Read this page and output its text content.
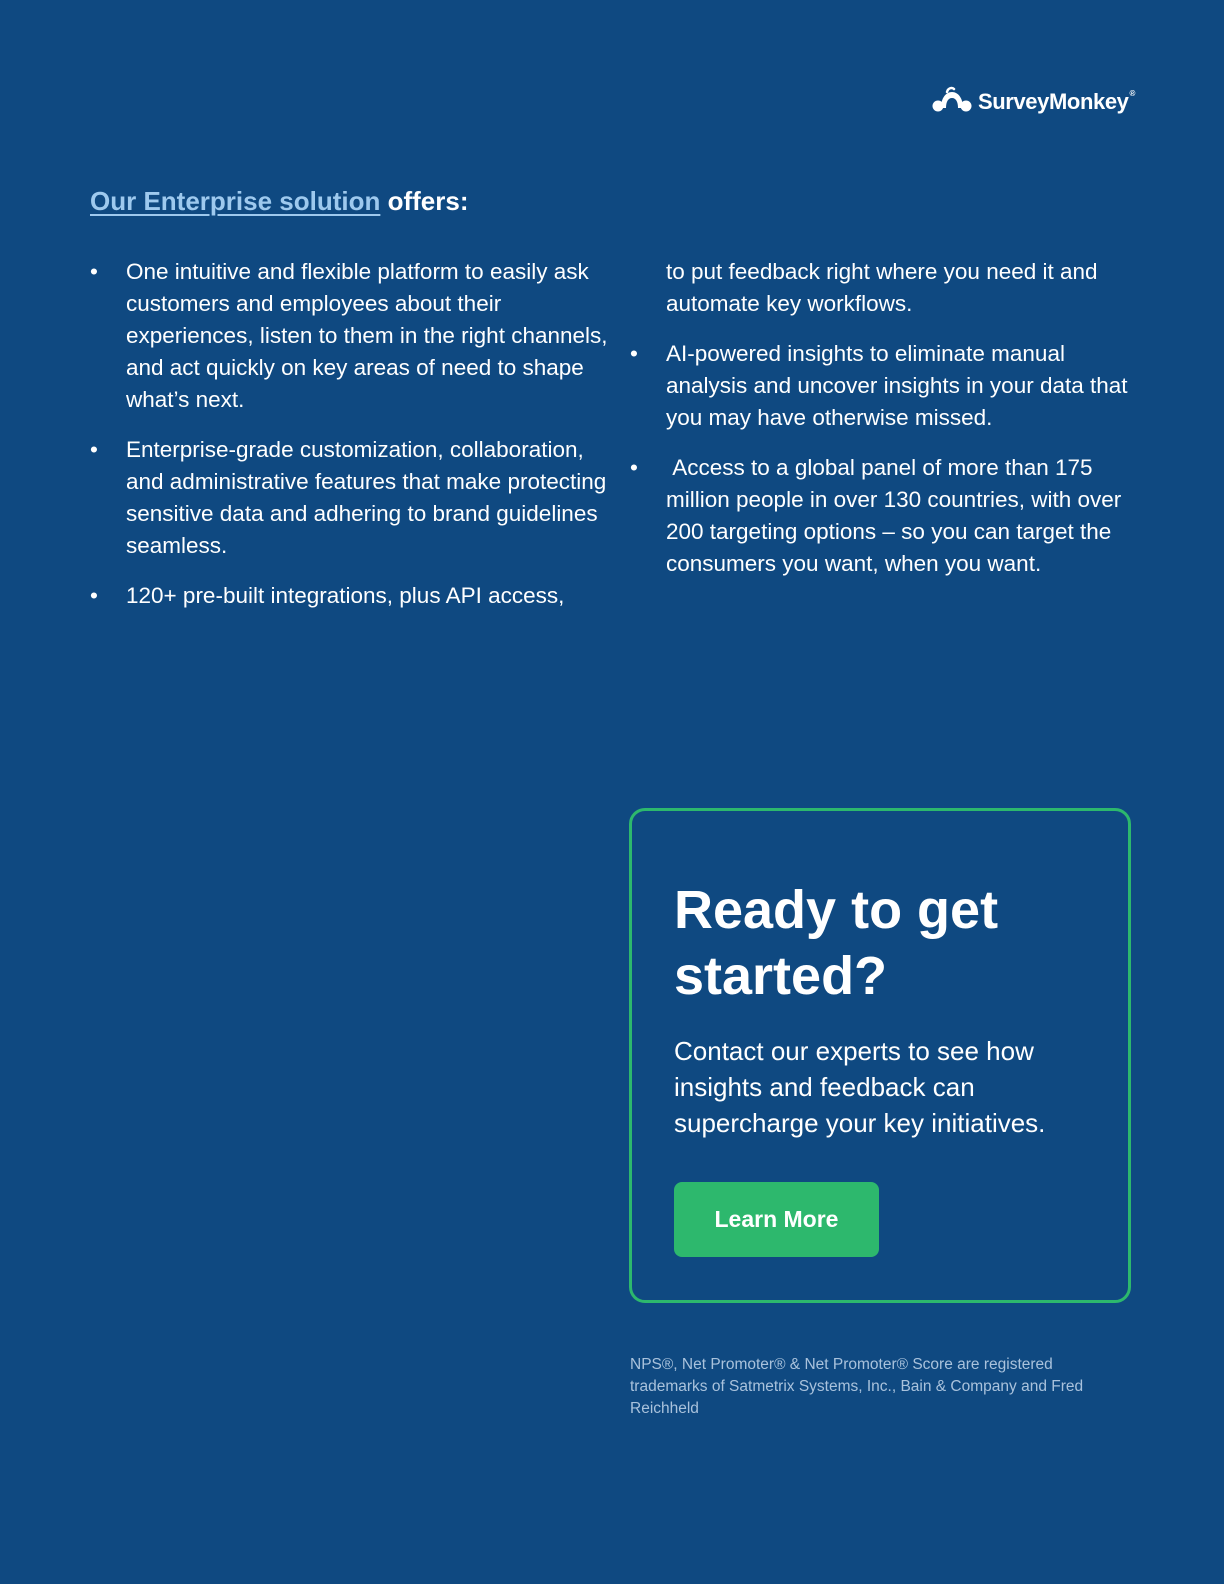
SurveyMonkey®
Our Enterprise solution offers:
• One intuitive and flexible platform to easily ask customers and employees about their experiences, listen to them in the right channels, and act quickly on key areas of need to shape what’s next.
• Enterprise-grade customization, collaboration, and administrative features that make protecting sensitive data and adhering to brand guidelines seamless.
• 120+ pre-built integrations, plus API access,
to put feedback right where you need it and automate key workflows.
• AI-powered insights to eliminate manual analysis and uncover insights in your data that you may have otherwise missed.
• Access to a global panel of more than 175 million people in over 130 countries, with over 200 targeting options – so you can target the consumers you want, when you want.
Ready to get started?

Contact our experts to see how insights and feedback can supercharge your key initiatives.

Learn More

NPS®, Net Promoter® & Net Promoter® Score are registered trademarks of Satmetrix Systems, Inc., Bain & Company and Fred Reichheld
